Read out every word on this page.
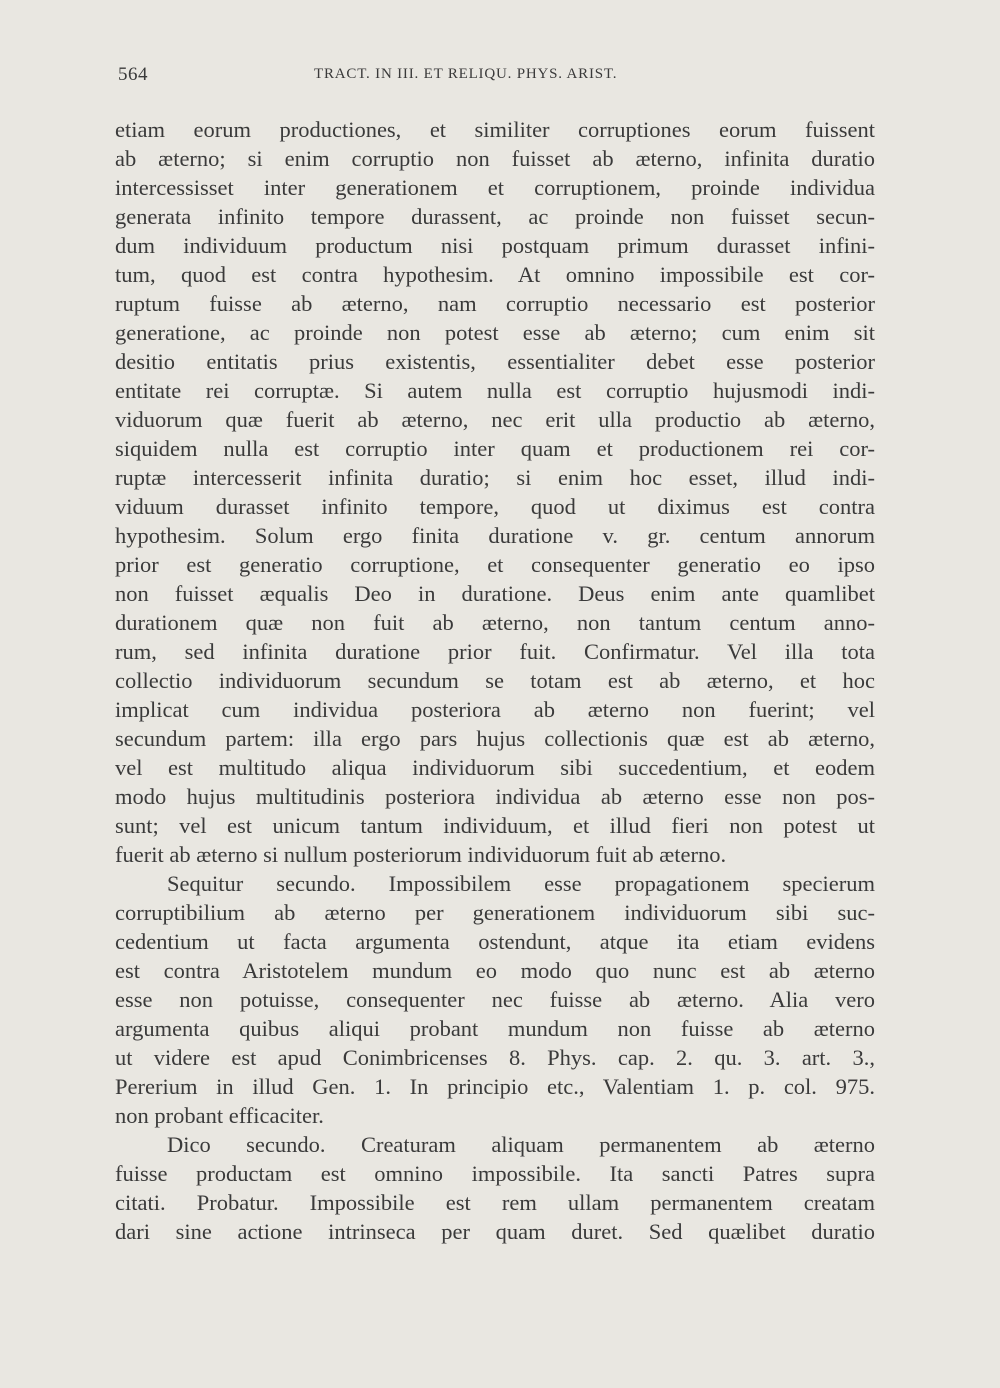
564	TRACT. IN III. ET RELIQU. PHYS. ARIST.
etiam eorum productiones, et similiter corruptiones eorum fuissent
ab æterno; si enim corruptio non fuisset ab æterno, infinita duratio
intercessisset inter generationem et corruptionem, proinde individua
generata infinito tempore durassent, ac proinde non fuisset secun-
dum individuum productum nisi postquam primum durasset infini-
tum, quod est contra hypothesim. At omnino impossibile est cor-
ruptum fuisse ab æterno, nam corruptio necessario est posterior
generatione, ac proinde non potest esse ab æterno; cum enim sit
desitio entitatis prius existentis, essentialiter debet esse posterior
entitate rei corruptæ. Si autem nulla est corruptio hujusmodi indi-
viduorum quæ fuerit ab æterno, nec erit ulla productio ab æterno,
siquidem nulla est corruptio inter quam et productionem rei cor-
ruptæ intercesserit infinita duratio; si enim hoc esset, illud indi-
viduum durasset infinito tempore, quod ut diximus est contra
hypothesim. Solum ergo finita duratione v. gr. centum annorum
prior est generatio corruptione, et consequenter generatio eo ipso
non fuisset æqualis Deo in duratione. Deus enim ante quamlibet
durationem quæ non fuit ab æterno, non tantum centum anno-
rum, sed infinita duratione prior fuit. Confirmatur. Vel illa tota
collectio individuorum secundum se totam est ab æterno, et hoc
implicat cum individua posteriora ab æterno non fuerint; vel
secundum partem: illa ergo pars hujus collectionis quæ est ab æterno,
vel est multitudo aliqua individuorum sibi succedentium, et eodem
modo hujus multitudinis posteriora individua ab æterno esse non pos-
sunt; vel est unicum tantum individuum, et illud fieri non potest ut
fuerit ab æterno si nullum posteriorum individuorum fuit ab æterno.
Sequitur secundo. Impossibilem esse propagationem specierum
corruptibilium ab æterno per generationem individuorum sibi suc-
cedentium ut facta argumenta ostendunt, atque ita etiam evidens
est contra Aristotelem mundum eo modo quo nunc est ab æterno
esse non potuisse, consequenter nec fuisse ab æterno. Alia vero
argumenta quibus aliqui probant mundum non fuisse ab æterno
ut videre est apud Conimbricenses 8. Phys. cap. 2. qu. 3. art. 3.,
Pererium in illud Gen. 1. In principio etc., Valentiam 1. p. col. 975.
non probant efficaciter.
Dico secundo. Creaturam aliquam permanentem ab æterno
fuisse productam est omnino impossibile. Ita sancti Patres supra
citati. Probatur. Impossibile est rem ullam permanentem creatam
dari sine actione intrinseca per quam duret. Sed quælibet duratio
